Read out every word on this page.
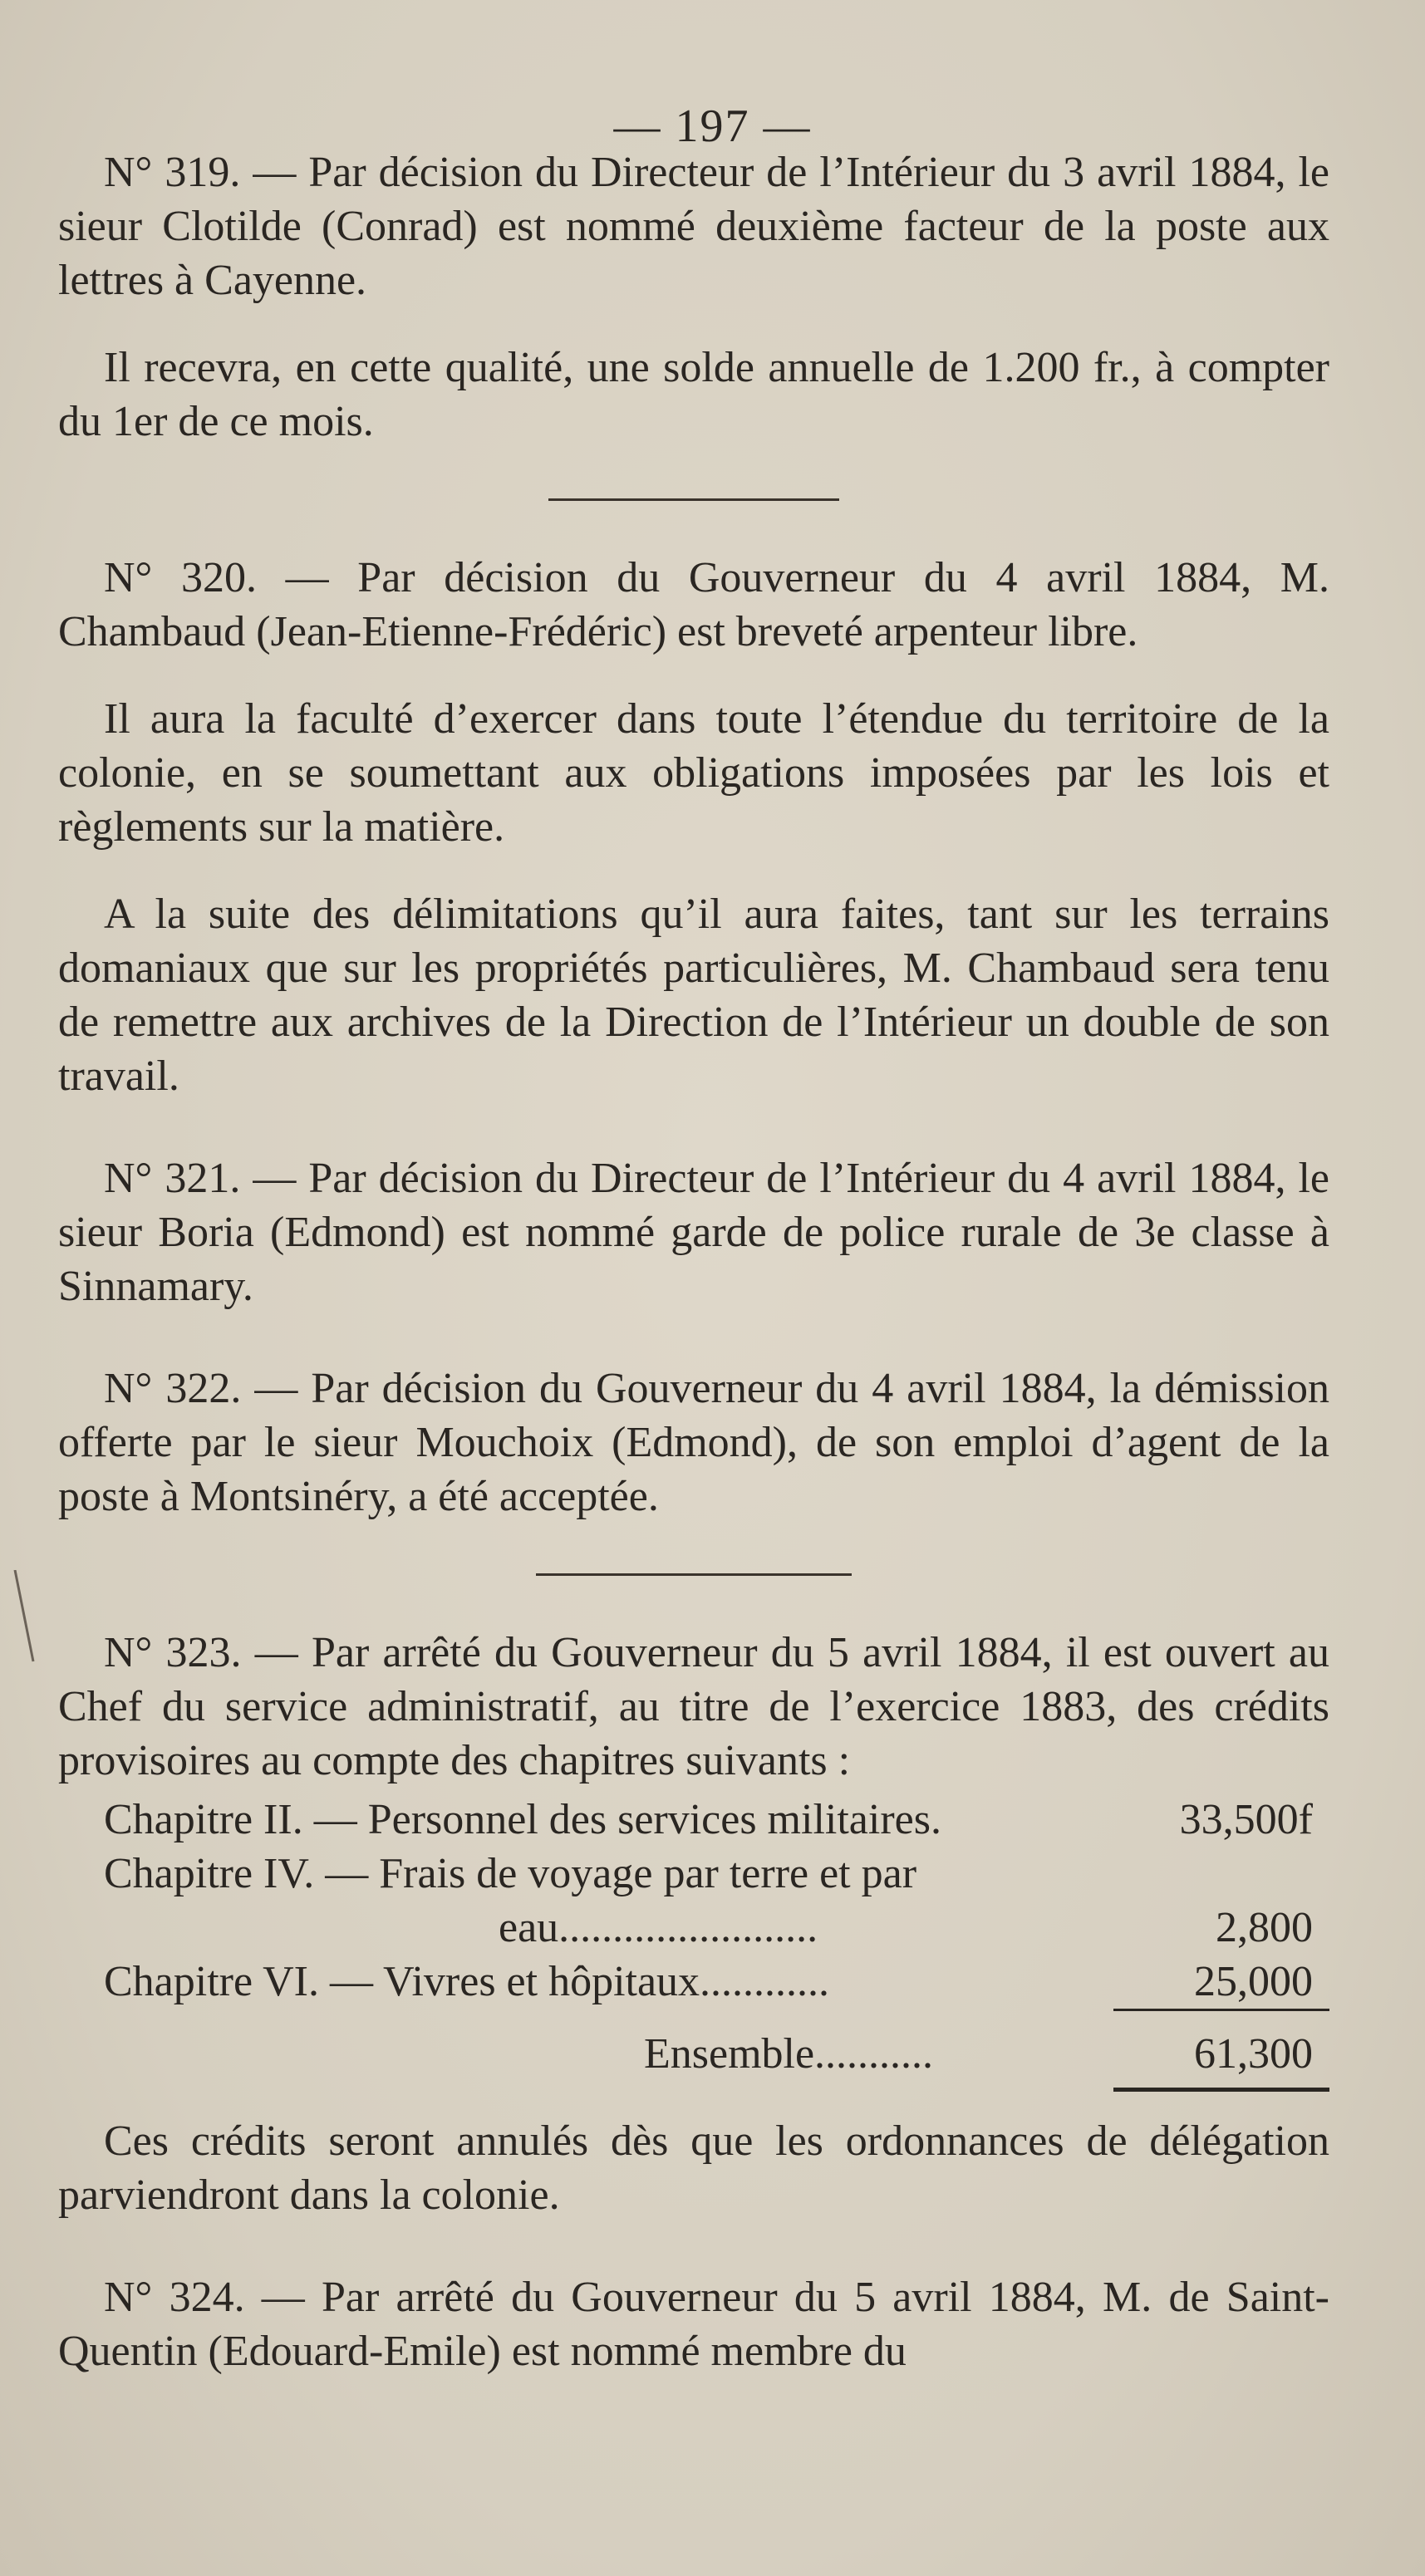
— 197 —

N° 319. — Par décision du Directeur de l’Intérieur du 3 avril 1884, le sieur Clotilde (Conrad) est nommé deuxième facteur de la poste aux lettres à Cayenne.

Il recevra, en cette qualité, une solde annuelle de 1.200 fr., à compter du 1er de ce mois.

N° 320. — Par décision du Gouverneur du 4 avril 1884, M. Chambaud (Jean-Etienne-Frédéric) est breveté arpenteur libre.

Il aura la faculté d’exercer dans toute l’étendue du territoire de la colonie, en se soumettant aux obligations imposées par les lois et règlements sur la matière.

A la suite des délimitations qu’il aura faites, tant sur les terrains domaniaux que sur les propriétés particulières, M. Chambaud sera tenu de remettre aux archives de la Direction de l’Intérieur un double de son travail.

N° 321. — Par décision du Directeur de l’Intérieur du 4 avril 1884, le sieur Boria (Edmond) est nommé garde de police rurale de 3e classe à Sinnamary.

N° 322. — Par décision du Gouverneur du 4 avril 1884, la démission offerte par le sieur Mouchoix (Edmond), de son emploi d’agent de la poste à Montsinéry, a été acceptée.

N° 323. — Par arrêté du Gouverneur du 5 avril 1884, il est ouvert au Chef du service administratif, au titre de l’exercice 1883, des crédits provisoires au compte des chapitres suivants :

Chapitre II. — Personnel des services militaires.	33,500f
Chapitre IV. — Frais de voyage par terre et par
eau........................	2,800
Chapitre VI. — Vivres et hôpitaux............	25,000
Ensemble...........	61,300

Ces crédits seront annulés dès que les ordonnances de délégation parviendront dans la colonie.

N° 324. — Par arrêté du Gouverneur du 5 avril 1884, M. de Saint-Quentin (Edouard-Emile) est nommé membre du
